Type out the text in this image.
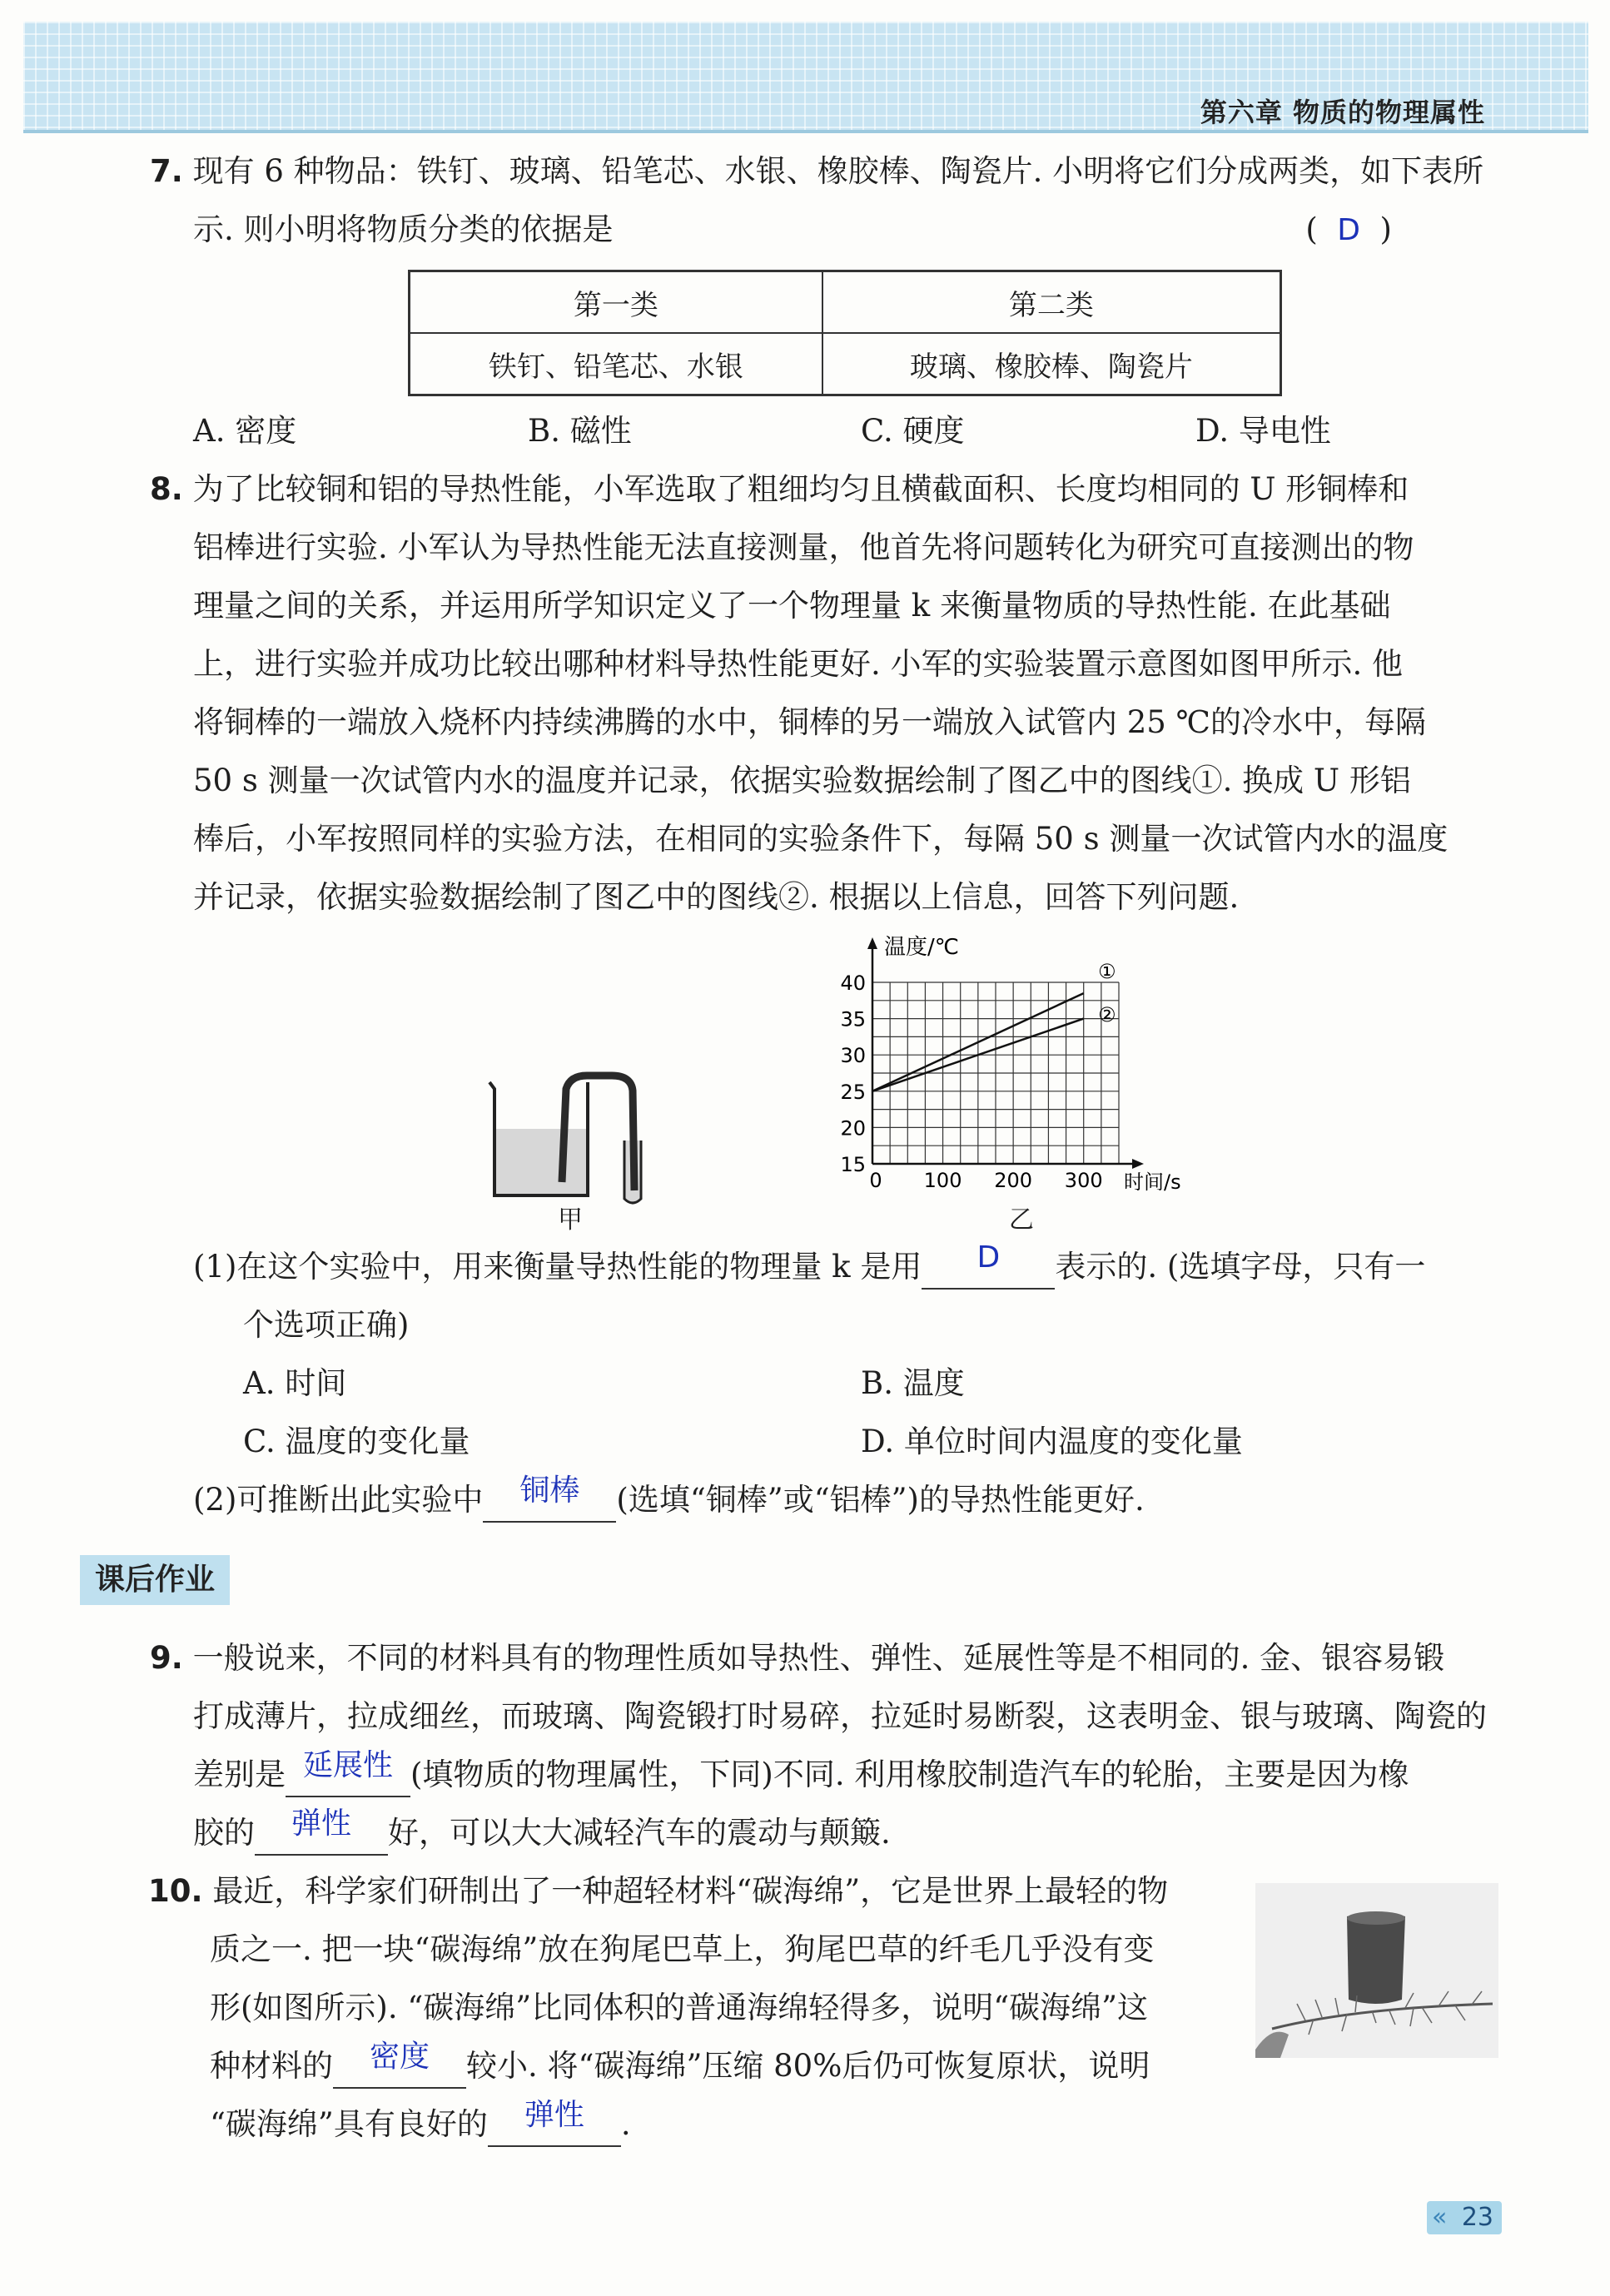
第六章 物质的物理属性
7. 现有 6 种物品：铁钉、玻璃、铅笔芯、水银、橡胶棒、陶瓷片. 小明将它们分成两类，如下表所
示. 则小明将物质分类的依据是	(  D  )
第一类	第二类
铁钉、铅笔芯、水银	玻璃、橡胶棒、陶瓷片
A. 密度	B. 磁性	C. 硬度	D. 导电性
8. 为了比较铜和铝的导热性能，小军选取了粗细均匀且横截面积、长度均相同的 U 形铜棒和
铝棒进行实验. 小军认为导热性能无法直接测量，他首先将问题转化为研究可直接测出的物
理量之间的关系，并运用所学知识定义了一个物理量 k 来衡量物质的导热性能. 在此基础
上，进行实验并成功比较出哪种材料导热性能更好. 小军的实验装置示意图如图甲所示. 他
将铜棒的一端放入烧杯内持续沸腾的水中，铜棒的另一端放入试管内 25 ℃的冷水中，每隔
50 s 测量一次试管内水的温度并记录，依据实验数据绘制了图乙中的图线①. 换成 U 形铝
棒后，小军按照同样的实验方法，在相同的实验条件下，每隔 50 s 测量一次试管内水的温度
并记录，依据实验数据绘制了图乙中的图线②. 根据以上信息，回答下列问题.
甲
15
20
25
30
35
40
0 100 200 300
①
②
温度/℃
时间/s
乙
(1)在这个实验中，用来衡量导热性能的物理量 k 是用 D 表示的. (选填字母，只有一
个选项正确)
A. 时间	B. 温度
C. 温度的变化量	D. 单位时间内温度的变化量
(2)可推断出此实验中 铜棒 (选填“铜棒”或“铝棒”)的导热性能更好.
课后作业
9. 一般说来，不同的材料具有的物理性质如导热性、弹性、延展性等是不相同的. 金、银容易锻
打成薄片，拉成细丝，而玻璃、陶瓷锻打时易碎，拉延时易断裂，这表明金、银与玻璃、陶瓷的
差别是 延展性 (填物质的物理属性，下同)不同. 利用橡胶制造汽车的轮胎，主要是因为橡
胶的 弹性 好，可以大大减轻汽车的震动与颠簸.
10. 最近，科学家们研制出了一种超轻材料“碳海绵”，它是世界上最轻的物
质之一. 把一块“碳海绵”放在狗尾巴草上，狗尾巴草的纤毛几乎没有变
形(如图所示). “碳海绵”比同体积的普通海绵轻得多，说明“碳海绵”这
种材料的 密度 较小. 将“碳海绵”压缩 80%后仍可恢复原状，说明
“碳海绵”具有良好的 弹性 .
« 23
